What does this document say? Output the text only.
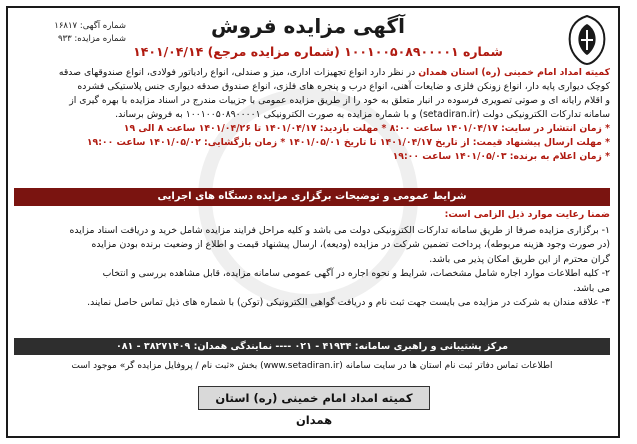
شماره آگهی: ۱۶۸۱۷
شماره مزایده: ۹۳۳
آگهی مزایده فروش
شماره ۱۰۰۱۰۰۵۰۸۹۰۰۰۰۱ (شماره مزایده مرجع) ۱۴۰۱/۰۴/۱۴
کمیته امداد امام خمینی (ره) استان همدان در نظر دارد انواع تجهیزات اداری، میز و صندلی، انواع رادیاتور فولادی، انواع صندوقهای صدقه
کوچک دیواری پایه دار، انواع زونکن فلزی و ضایعات آهنی، انواع درب و پنجره های فلزی، انواع صندوق صدقه دیواری جنس پلاستیکی فشرده
و اقلام رایانه ای و صوتی تصویری فرسوده در انبار متعلق به خود را از طریق مزایده عمومی با جزییات مندرج در اسناد مزایده با بهره گیری از
سامانه تدارکات الکترونیکی دولت (setadiran.ir) و با شماره مزایده به صورت الکترونیکی ۱۰۰۱۰۰۵۰۸۹۰۰۰۰۱ به فروش برساند.
* زمان انتشار در سایت: ۱۴۰۱/۰۴/۱۷ ساعت ۸:۰۰ * مهلت بازدید: ۱۴۰۱/۰۴/۱۷ تا ۱۴۰۱/۰۴/۲۶ ساعت ۸ الی ۱۹
* مهلت ارسال پیشنهاد قیمت: از تاریخ ۱۴۰۱/۰۴/۱۷ تا تاریخ ۱۴۰۱/۰۵/۰۱ * زمان بازگشایی: ۱۴۰۱/۰۵/۰۲ ساعت ۱۹:۰۰
* زمان اعلام به برنده: ۱۴۰۱/۰۵/۰۳ ساعت ۱۹:۰۰
شرایط عمومی و توضیحات برگزاری مزایده دستگاه های اجرایی
ضمنا رعایت موارد ذیل الزامی است:
۱- برگزاری مزایده صرفا از طریق سامانه تدارکات الکترونیکی دولت می باشد و کلیه مراحل فرایند مزایده شامل خرید و دریافت اسناد مزایده
(در صورت وجود هزینه مربوطه)، پرداخت تضمین شرکت در مزایده (ودیعه)، ارسال پیشنهاد قیمت و اطلاع از وضعیت برنده بودن مزایده
گران محترم از این طریق امکان پذیر می باشد.
۲- کلیه اطلاعات موارد اجاره شامل مشخصات، شرایط و نحوه اجاره در آگهی عمومی سامانه مزایده، قابل مشاهده بررسی و انتخاب
می باشد.
۳- علاقه مندان به شرکت در مزایده می بایست جهت ثبت نام و دریافت گواهی الکترونیکی (توکن) با شماره های ذیل تماس حاصل نمایند.
مرکز پشتیبانی و راهبری سامانه: ۴۱۹۳۴ - ۰۲۱ ---- نمایندگی همدان: ۳۸۲۷۱۴۰۹ - ۰۸۱
اطلاعات تماس دفاتر ثبت نام استان ها در سایت سامانه (www.setadiran.ir) بخش «ثبت نام / پروفایل مزایده گر» موجود است
کمیته امداد امام خمینی (ره) استان همدان
